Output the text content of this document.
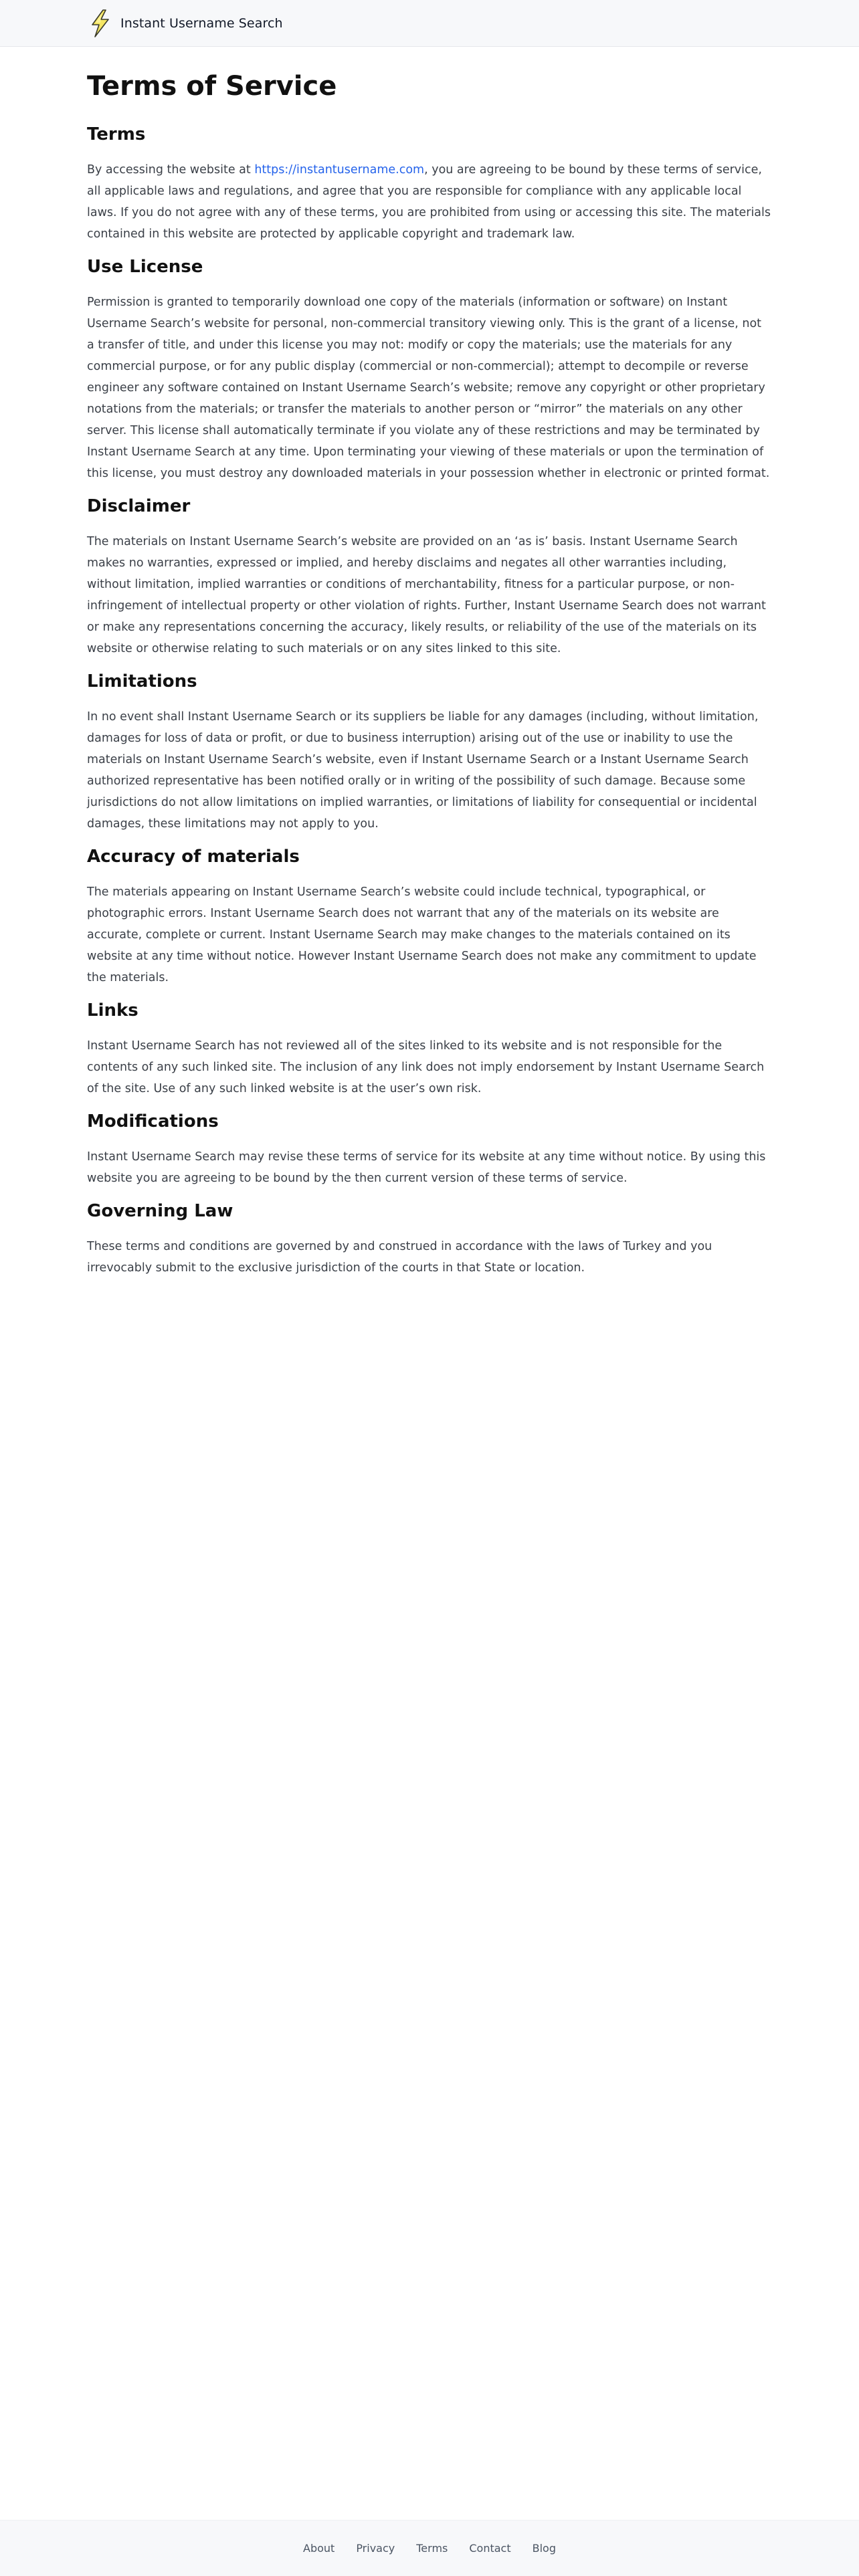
Instant Username Search
Terms of Service
Terms

By accessing the website at https://instantusername.com, you are agreeing to be bound by these terms of service, all applicable laws and regulations, and agree that you are responsible for compliance with any applicable local laws. If you do not agree with any of these terms, you are prohibited from using or accessing this site. The materials contained in this website are protected by applicable copyright and trademark law.

Use License

Permission is granted to temporarily download one copy of the materials (information or software) on Instant Username Search’s website for personal, non-commercial transitory viewing only. This is the grant of a license, not a transfer of title, and under this license you may not: modify or copy the materials; use the materials for any commercial purpose, or for any public display (commercial or non-commercial); attempt to decompile or reverse engineer any software contained on Instant Username Search’s website; remove any copyright or other proprietary notations from the materials; or transfer the materials to another person or “mirror” the materials on any other server. This license shall automatically terminate if you violate any of these restrictions and may be terminated by Instant Username Search at any time. Upon terminating your viewing of these materials or upon the termination of this license, you must destroy any downloaded materials in your possession whether in electronic or printed format.

Disclaimer

The materials on Instant Username Search’s website are provided on an ‘as is’ basis. Instant Username Search makes no warranties, expressed or implied, and hereby disclaims and negates all other warranties including, without limitation, implied warranties or conditions of merchantability, fitness for a particular purpose, or non-infringement of intellectual property or other violation of rights. Further, Instant Username Search does not warrant or make any representations concerning the accuracy, likely results, or reliability of the use of the materials on its website or otherwise relating to such materials or on any sites linked to this site.

Limitations

In no event shall Instant Username Search or its suppliers be liable for any damages (including, without limitation, damages for loss of data or profit, or due to business interruption) arising out of the use or inability to use the materials on Instant Username Search’s website, even if Instant Username Search or a Instant Username Search authorized representative has been notified orally or in writing of the possibility of such damage. Because some jurisdictions do not allow limitations on implied warranties, or limitations of liability for consequential or incidental damages, these limitations may not apply to you.

Accuracy of materials

The materials appearing on Instant Username Search’s website could include technical, typographical, or photographic errors. Instant Username Search does not warrant that any of the materials on its website are accurate, complete or current. Instant Username Search may make changes to the materials contained on its website at any time without notice. However Instant Username Search does not make any commitment to update the materials.

Links

Instant Username Search has not reviewed all of the sites linked to its website and is not responsible for the contents of any such linked site. The inclusion of any link does not imply endorsement by Instant Username Search of the site. Use of any such linked website is at the user’s own risk.

Modifications

Instant Username Search may revise these terms of service for its website at any time without notice. By using this website you are agreeing to be bound by the then current version of these terms of service.

Governing Law

These terms and conditions are governed by and construed in accordance with the laws of Turkey and you irrevocably submit to the exclusive jurisdiction of the courts in that State or location.

About Privacy Terms Contact Blog
